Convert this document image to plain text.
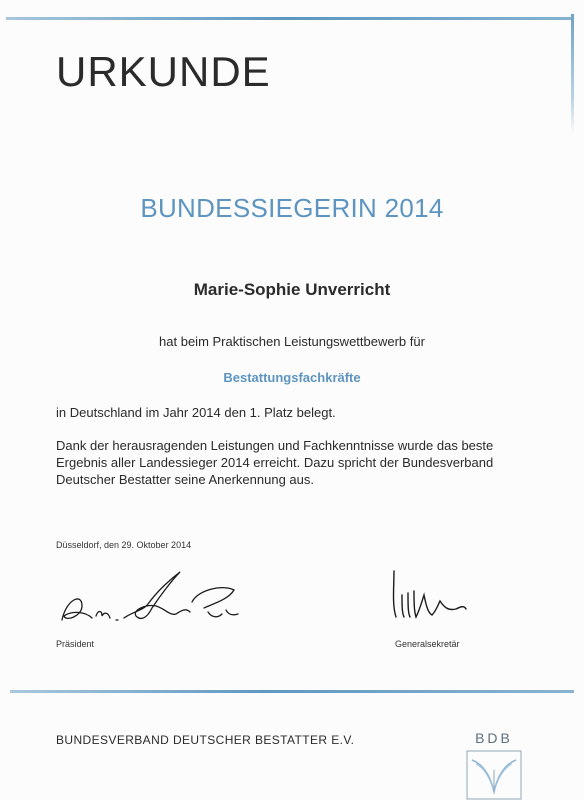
URKUNDE
BUNDESSIEGERIN 2014
Marie-Sophie Unverricht
hat beim Praktischen Leistungswettbewerb für
Bestattungsfachkräfte
in Deutschland im Jahr 2014 den 1. Platz belegt.
Dank der herausragenden Leistungen und Fachkenntnisse wurde das beste Ergebnis aller Landessieger 2014 erreicht. Dazu spricht der Bundesverband Deutscher Bestatter seine Anerkennung aus.
Düsseldorf, den 29. Oktober 2014
Präsident	Generalsekretär
BUNDESVERBAND DEUTSCHER BESTATTER E.V.	BDB
